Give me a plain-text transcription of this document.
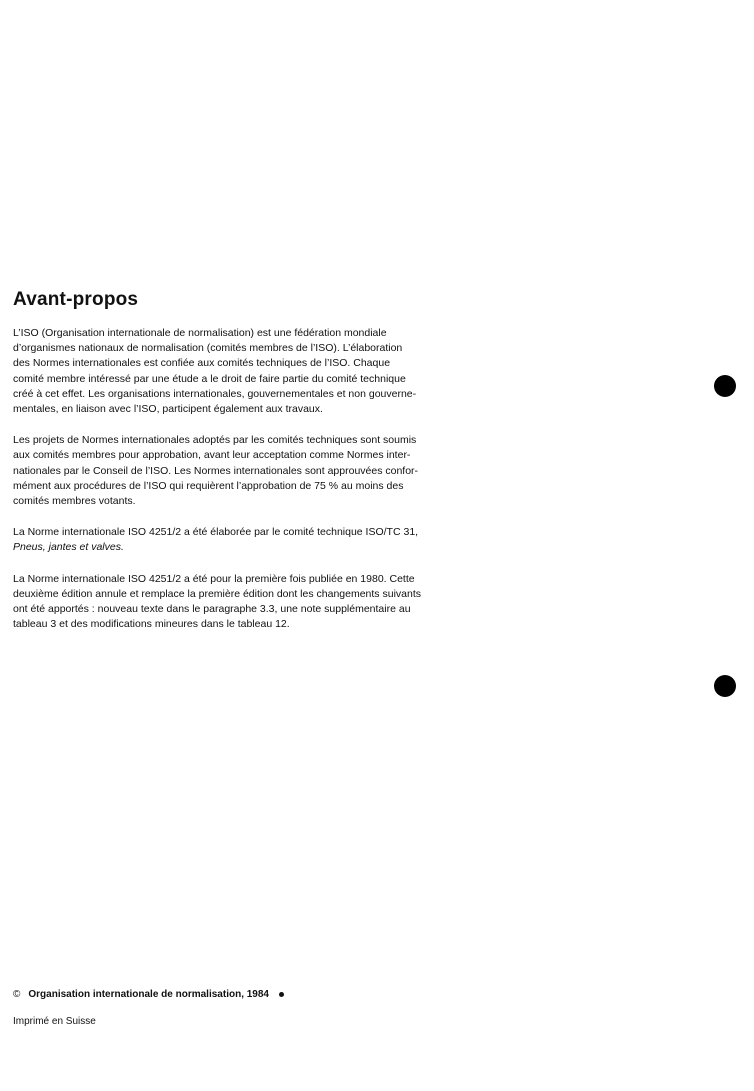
Avant-propos

L’ISO (Organisation internationale de normalisation) est une fédération mondiale
d’organismes nationaux de normalisation (comités membres de l’ISO). L’élaboration
des Normes internationales est confiée aux comités techniques de l’ISO. Chaque
comité membre intéressé par une étude a le droit de faire partie du comité technique
créé à cet effet. Les organisations internationales, gouvernementales et non gouverne-
mentales, en liaison avec l’ISO, participent également aux travaux.

Les projets de Normes internationales adoptés par les comités techniques sont soumis
aux comités membres pour approbation, avant leur acceptation comme Normes inter-
nationales par le Conseil de l’ISO. Les Normes internationales sont approuvées confor-
mément aux procédures de l’ISO qui requièrent l’approbation de 75 % au moins des
comités membres votants.

La Norme internationale ISO 4251/2 a été élaborée par le comité technique ISO/TC 31,
Pneus, jantes et valves.

La Norme internationale ISO 4251/2 a été pour la première fois publiée en 1980. Cette
deuxième édition annule et remplace la première édition dont les changements suivants
ont été apportés : nouveau texte dans le paragraphe 3.3, une note supplémentaire au
tableau 3 et des modifications mineures dans le tableau 12.

© Organisation internationale de normalisation, 1984
Imprimé en Suisse
